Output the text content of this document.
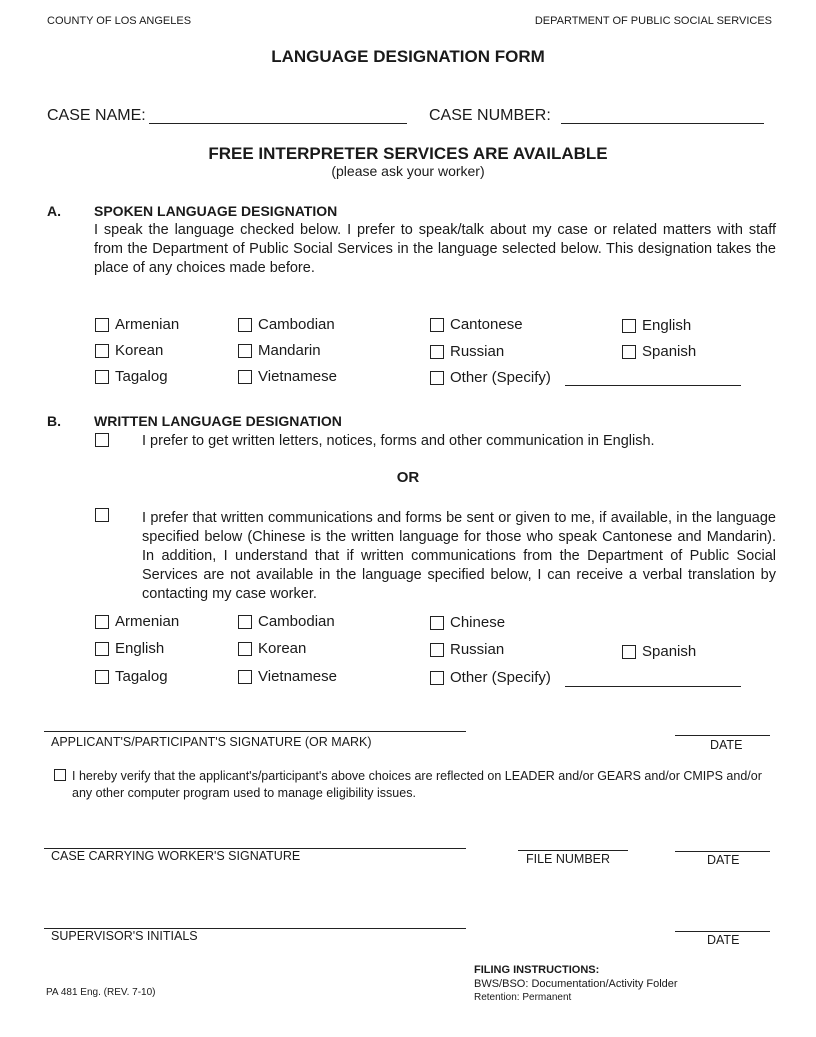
COUNTY OF LOS ANGELES	DEPARTMENT OF PUBLIC SOCIAL SERVICES
LANGUAGE DESIGNATION FORM
CASE NAME:	CASE NUMBER:
FREE INTERPRETER SERVICES ARE AVAILABLE
(please ask your worker)
A. SPOKEN LANGUAGE DESIGNATION
I speak the language checked below. I prefer to speak/talk about my case or related matters with staff from the Department of Public Social Services in the language selected below. This designation takes the place of any choices made before.
Armenian	Cambodian	Cantonese	English
Korean	Mandarin	Russian	Spanish
Tagalog	Vietnamese	Other (Specify)
B. WRITTEN LANGUAGE DESIGNATION
I prefer to get written letters, notices, forms and other communication in English.
OR
I prefer that written communications and forms be sent or given to me, if available, in the language specified below (Chinese is the written language for those who speak Cantonese and Mandarin). In addition, I understand that if written communications from the Department of Public Social Services are not available in the language specified below, I can receive a verbal translation by contacting my case worker.
Armenian	Cambodian	Chinese
English	Korean	Russian	Spanish
Tagalog	Vietnamese	Other (Specify)
APPLICANT'S/PARTICIPANT'S SIGNATURE (OR MARK)	DATE
I hereby verify that the applicant's/participant's above choices are reflected on LEADER and/or GEARS and/or CMIPS and/or any other computer program used to manage eligibility issues.
CASE CARRYING WORKER'S SIGNATURE	FILE NUMBER	DATE
SUPERVISOR'S INITIALS	DATE
PA 481 Eng. (REV. 7-10)
FILING INSTRUCTIONS:
BWS/BSO: Documentation/Activity Folder
Retention: Permanent
